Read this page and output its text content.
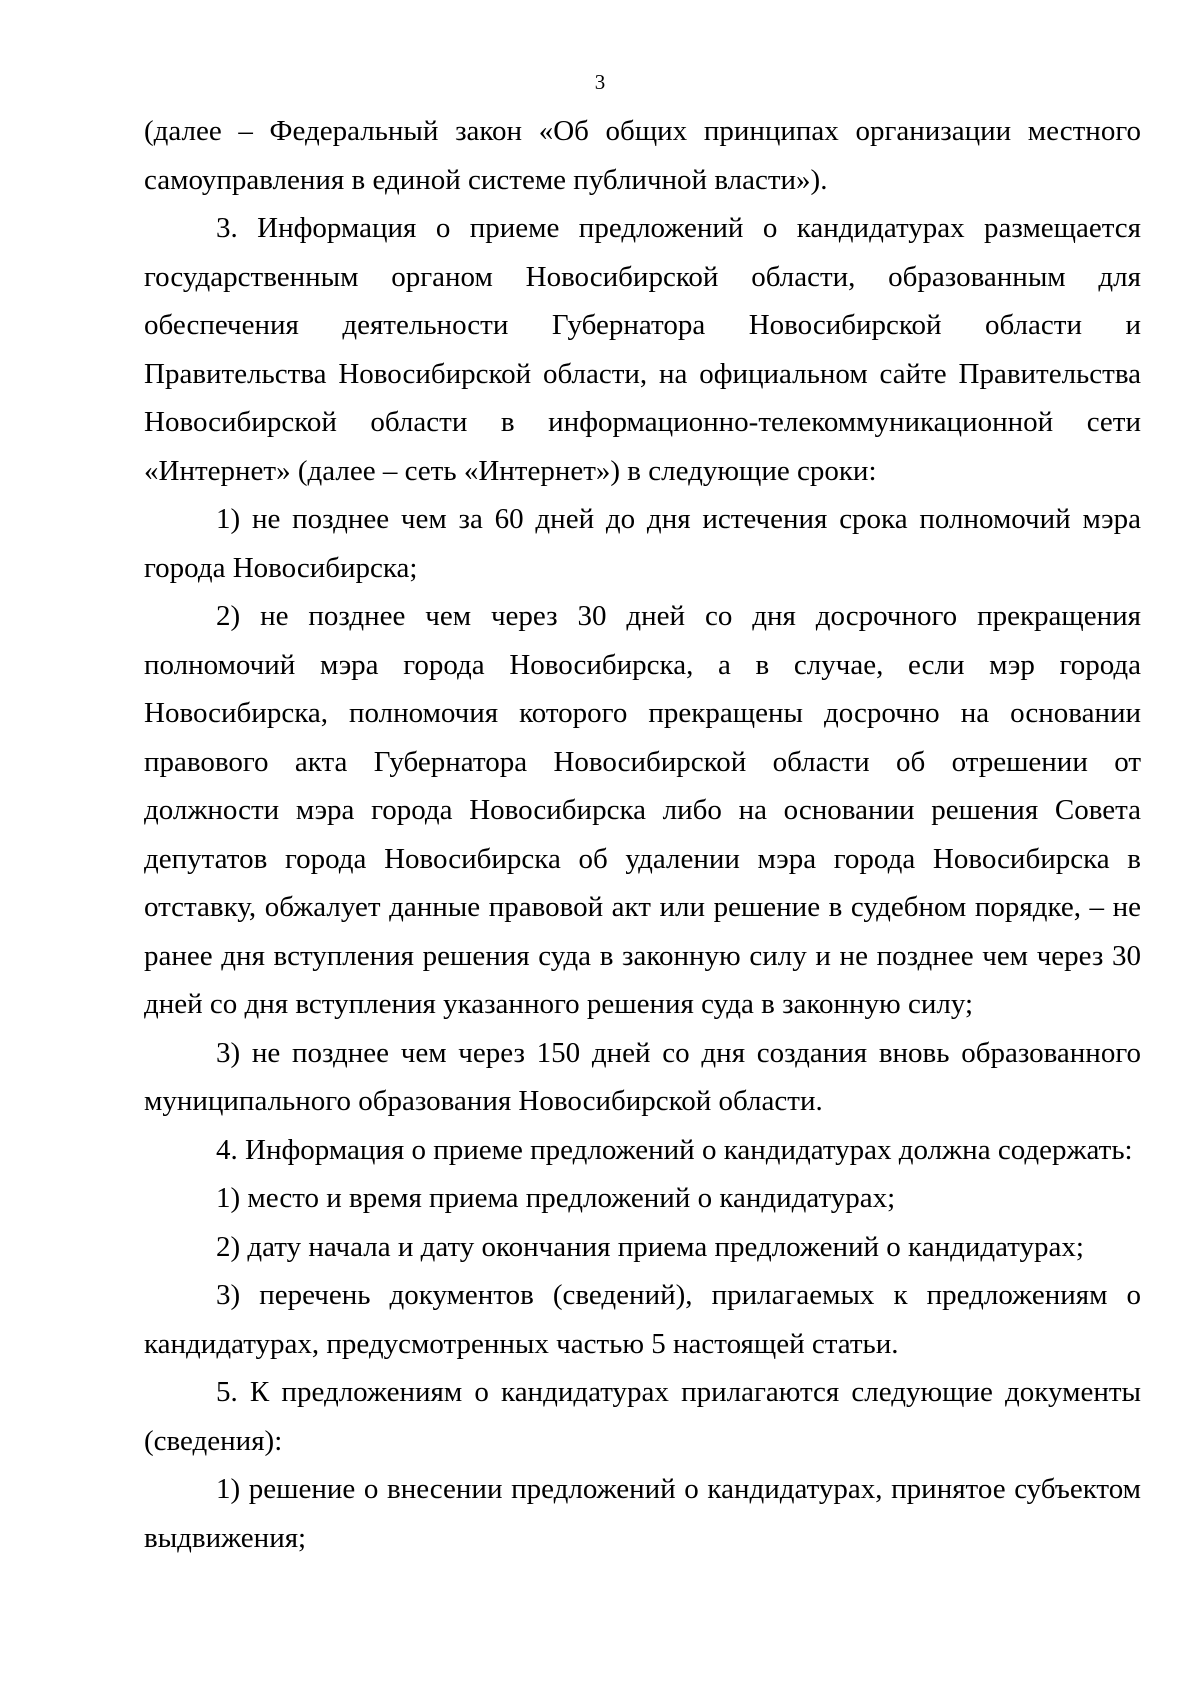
3

(далее – Федеральный закон «Об общих принципах организации местного самоуправления в единой системе публичной власти»).

3. Информация о приеме предложений о кандидатурах размещается государственным органом Новосибирской области, образованным для обеспечения деятельности Губернатора Новосибирской области и Правительства Новосибирской области, на официальном сайте Правительства Новосибирской области в информационно-телекоммуникационной сети «Интернет» (далее – сеть «Интернет») в следующие сроки:

1) не позднее чем за 60 дней до дня истечения срока полномочий мэра города Новосибирска;

2) не позднее чем через 30 дней со дня досрочного прекращения полномочий мэра города Новосибирска, а в случае, если мэр города Новосибирска, полномочия которого прекращены досрочно на основании правового акта Губернатора Новосибирской области об отрешении от должности мэра города Новосибирска либо на основании решения Совета депутатов города Новосибирска об удалении мэра города Новосибирска в отставку, обжалует данные правовой акт или решение в судебном порядке, – не ранее дня вступления решения суда в законную силу и не позднее чем через 30 дней со дня вступления указанного решения суда в законную силу;

3) не позднее чем через 150 дней со дня создания вновь образованного муниципального образования Новосибирской области.

4. Информация о приеме предложений о кандидатурах должна содержать:

1) место и время приема предложений о кандидатурах;

2) дату начала и дату окончания приема предложений о кандидатурах;

3) перечень документов (сведений), прилагаемых к предложениям о кандидатурах, предусмотренных частью 5 настоящей статьи.

5. К предложениям о кандидатурах прилагаются следующие документы (сведения):

1) решение о внесении предложений о кандидатурах, принятое субъектом выдвижения;
